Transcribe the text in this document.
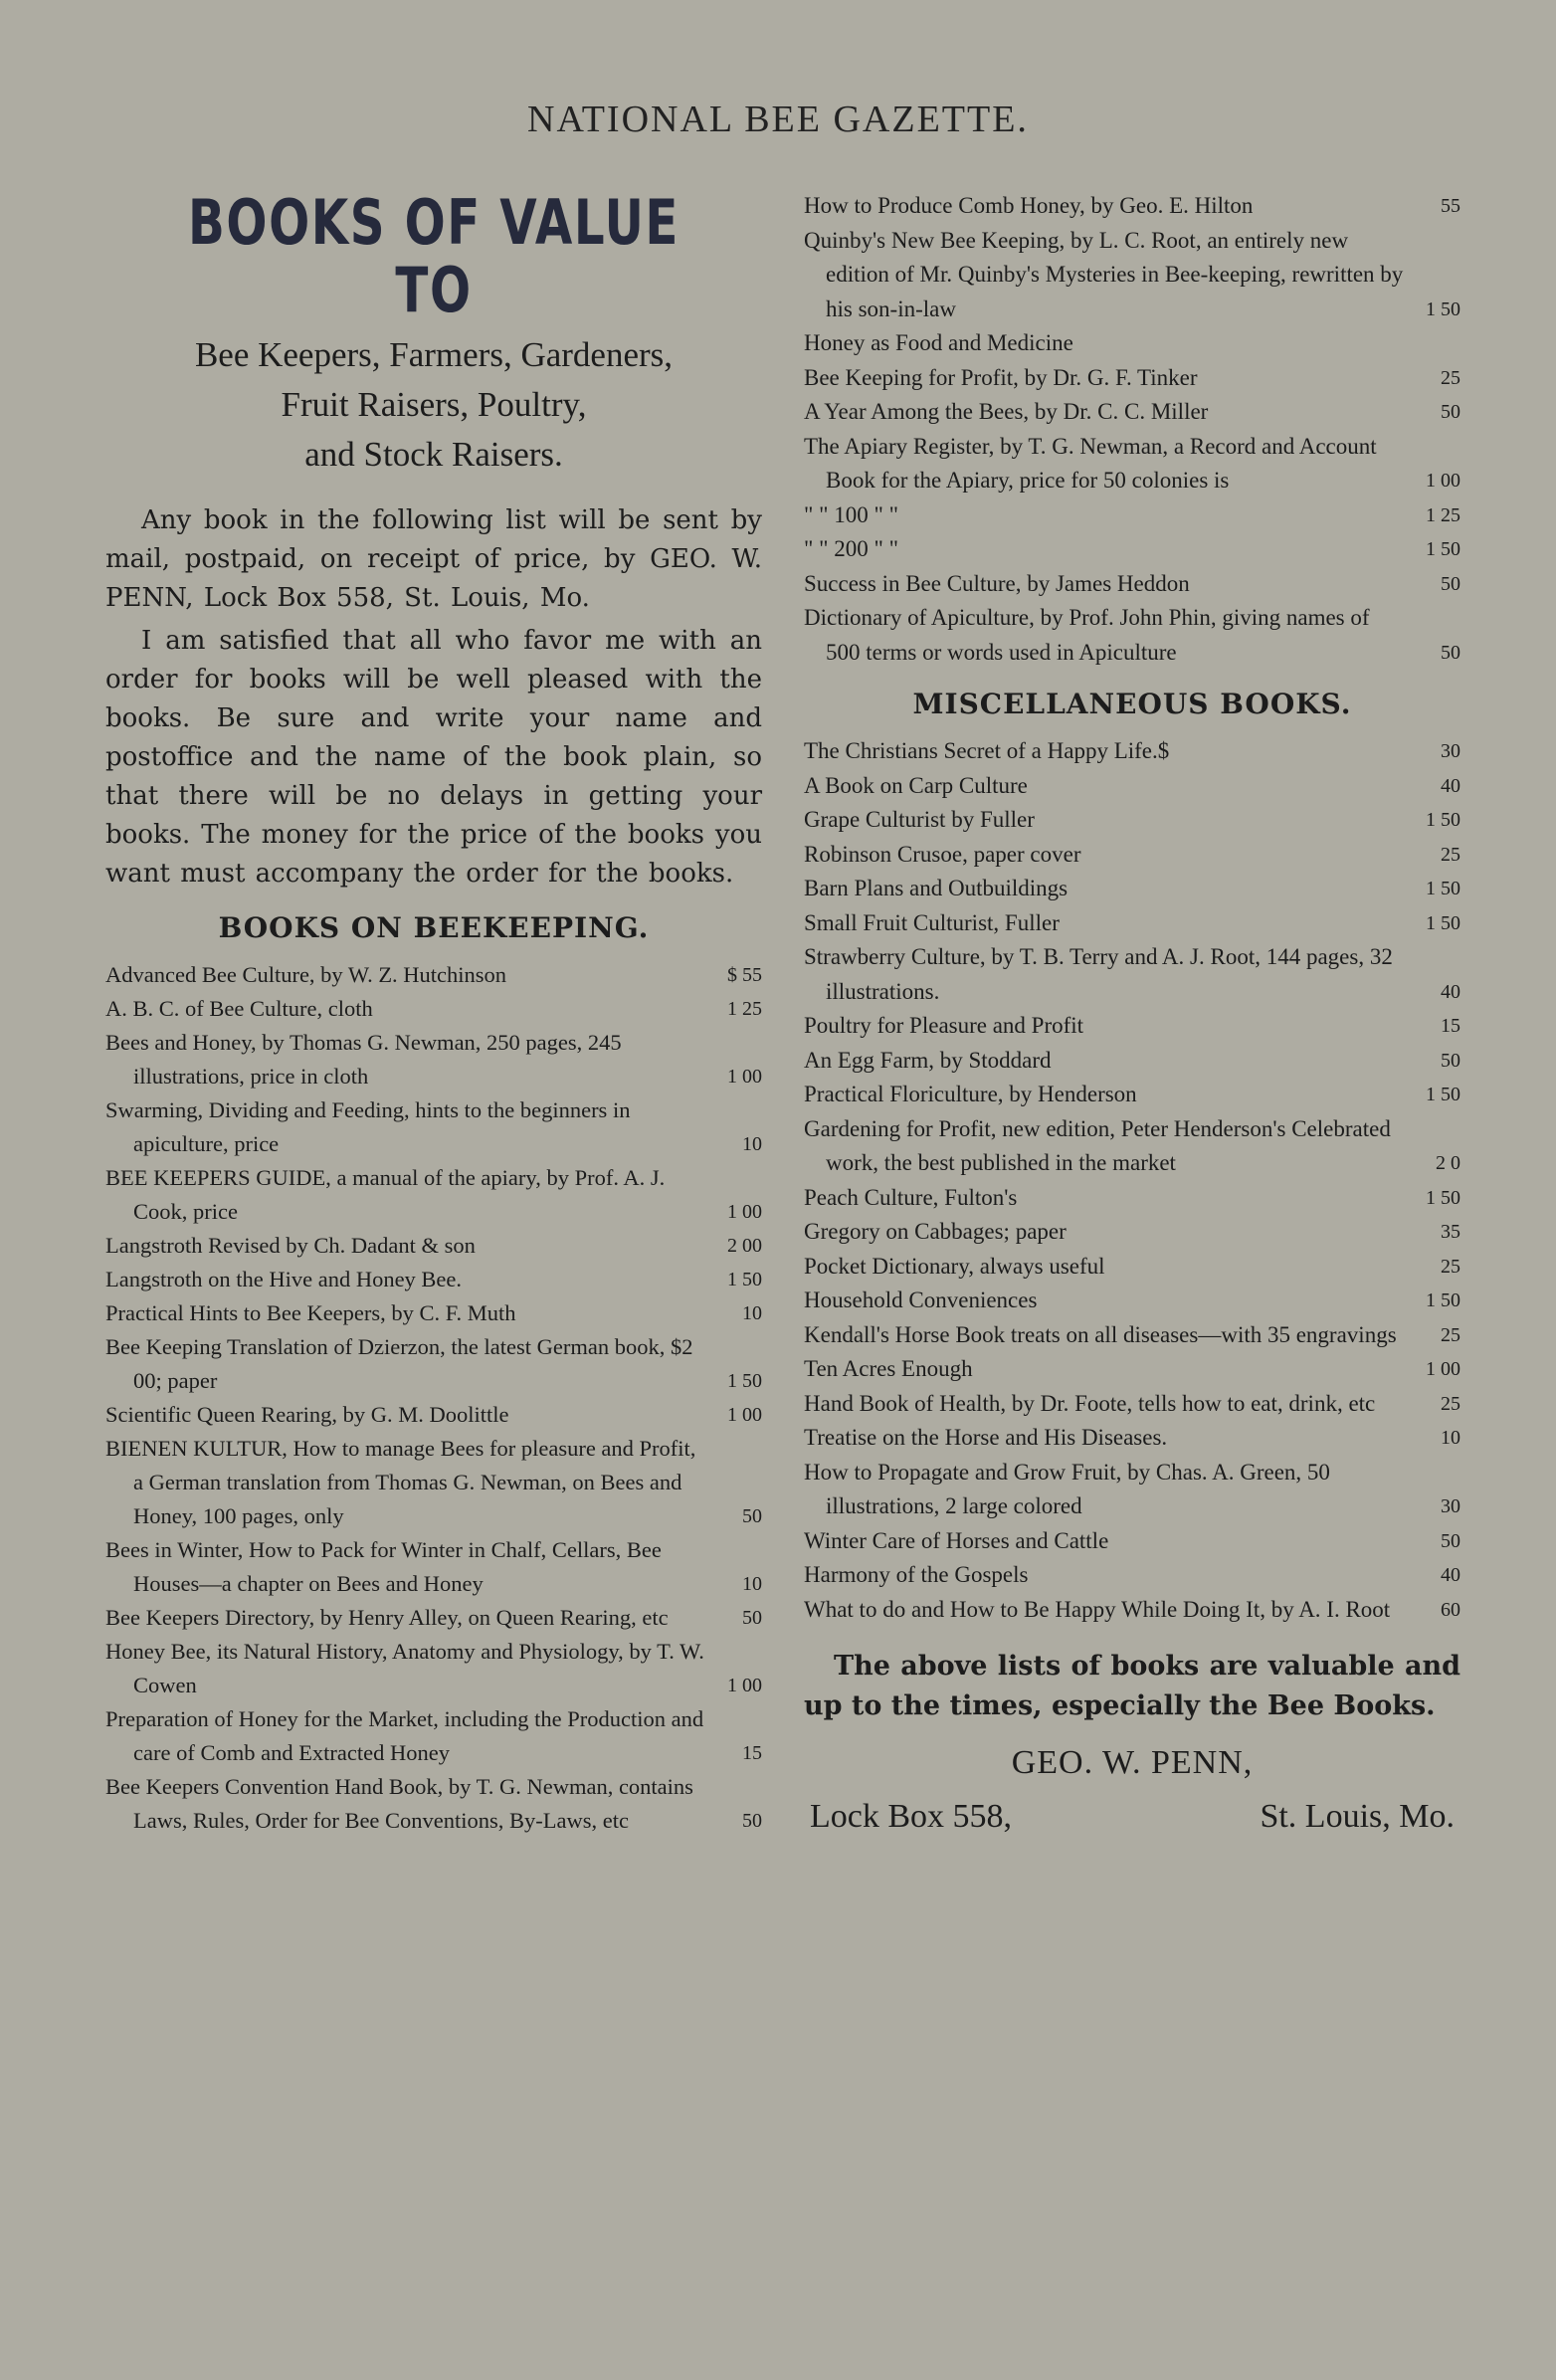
NATIONAL BEE GAZETTE.
BOOKS OF VALUE TO
Bee Keepers, Farmers, Gardeners,
Fruit Raisers, Poultry,
and Stock Raisers.

Any book in the following list will be sent by mail, postpaid, on receipt of price, by GEO. W. PENN, Lock Box 558, St. Louis, Mo.

I am satisfied that all who favor me with an order for books will be well pleased with the books. Be sure and write your name and postoffice and the name of the book plain, so that there will be no delays in getting your books. The money for the price of the books you want must accompany the order for the books.

BOOKS ON BEEKEEPING.
Advanced Bee Culture, by W. Z. Hutchinson	$ 55
A. B. C. of Bee Culture, cloth	1 25
Bees and Honey, by Thomas G. Newman, 250 pages, 245 illustrations, price in cloth	1 00
Swarming, Dividing and Feeding, hints to the beginners in apiculture, price	10
BEE KEEPERS GUIDE, a manual of the apiary, by Prof. A. J. Cook, price	1 00
Langstroth Revised by Ch. Dadant & son	2 00
Langstroth on the Hive and Honey Bee.	1 50
Practical Hints to Bee Keepers, by C. F. Muth	10
Bee Keeping Translation of Dzierzon, the latest German book, $2 00; paper	1 50
Scientific Queen Rearing, by G. M. Doolittle	1 00
BIENEN KULTUR, How to manage Bees for pleasure and Profit, a German translation from Thomas G. Newman, on Bees and Honey, 100 pages, only	50
Bees in Winter, How to Pack for Winter in Chalf, Cellars, Bee Houses—a chapter on Bees and Honey	10
Bee Keepers Directory, by Henry Alley, on Queen Rearing, etc	50
Honey Bee, its Natural History, Anatomy and Physiology, by T. W. Cowen	1 00
Preparation of Honey for the Market, including the Production and care of Comb and Extracted Honey	15
Bee Keepers Convention Hand Book, by T. G. Newman, contains Laws, Rules, Order for Bee Conventions, By-Laws, etc	50
How to Produce Comb Honey, by Geo. E. Hilton	55
Quinby's New Bee Keeping, by L. C. Root, an entirely new edition of Mr. Quinby's Mysteries in Bee-keeping, rewritten by his son-in-law	1 50
Honey as Food and Medicine
Bee Keeping for Profit, by Dr. G. F. Tinker	25
A Year Among the Bees, by Dr. C. C. Miller	50
The Apiary Register, by T. G. Newman, a Record and Account Book for the Apiary, price for 50 colonies is	1 00
" " 100 " "	1 25
" " 200 " "	1 50
Success in Bee Culture, by James Heddon	50
Dictionary of Apiculture, by Prof. John Phin, giving names of 500 terms or words used in Apiculture	50
MISCELLANEOUS BOOKS.
The Christians Secret of a Happy Life.$	30
A Book on Carp Culture	40
Grape Culturist by Fuller	1 50
Robinson Crusoe, paper cover	25
Barn Plans and Outbuildings	1 50
Small Fruit Culturist, Fuller	1 50
Strawberry Culture, by T. B. Terry and A. J. Root, 144 pages, 32 illustrations.	40
Poultry for Pleasure and Profit	15
An Egg Farm, by Stoddard	50
Practical Floriculture, by Henderson	1 50
Gardening for Profit, new edition, Peter Henderson's Celebrated work, the best published in the market	2 0
Peach Culture, Fulton's	1 50
Gregory on Cabbages; paper	35
Pocket Dictionary, always useful	25
Household Conveniences	1 50
Kendall's Horse Book treats on all diseases—with 35 engravings	25
Ten Acres Enough	1 00
Hand Book of Health, by Dr. Foote, tells how to eat, drink, etc	25
Treatise on the Horse and His Diseases.	10
How to Propagate and Grow Fruit, by Chas. A. Green, 50 illustrations, 2 large colored	30
Winter Care of Horses and Cattle	50
Harmony of the Gospels	40
What to do and How to Be Happy While Doing It, by A. I. Root	60
The above lists of books are valuable and up to the times, especially the Bee Books.
GEO. W. PENN,
Lock Box 558,	St. Louis, Mo.
